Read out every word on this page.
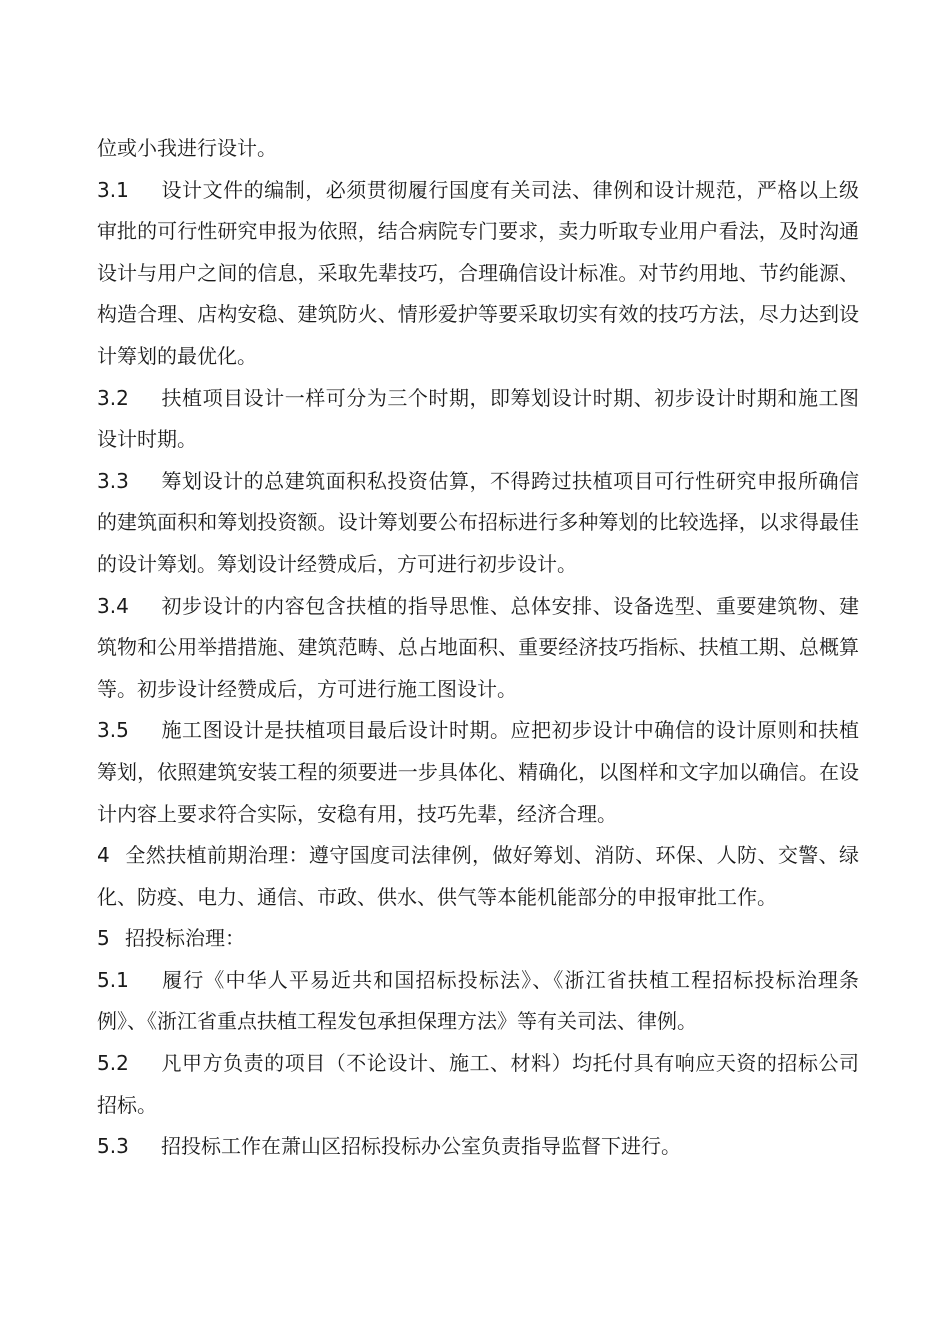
位或小我进行设计。

3.1 设计文件的编制，必须贯彻履行国度有关司法、律例和设计规范，严格以上级审批的可行性研究申报为依照，结合病院专门要求，卖力听取专业用户看法，及时沟通设计与用户之间的信息，采取先辈技巧，合理确信设计标准。对节约用地、节约能源、构造合理、店构安稳、建筑防火、情形爱护等要采取切实有效的技巧方法，尽力达到设计筹划的最优化。

3.2 扶植项目设计一样可分为三个时期，即筹划设计时期、初步设计时期和施工图设计时期。

3.3 筹划设计的总建筑面积私投资估算，不得跨过扶植项目可行性研究申报所确信的建筑面积和筹划投资额。设计筹划要公布招标进行多种筹划的比较选择，以求得最佳的设计筹划。筹划设计经赞成后，方可进行初步设计。

3.4 初步设计的内容包含扶植的指导思惟、总体安排、设备选型、重要建筑物、建筑物和公用举措措施、建筑范畴、总占地面积、重要经济技巧指标、扶植工期、总概算等。初步设计经赞成后，方可进行施工图设计。

3.5 施工图设计是扶植项目最后设计时期。应把初步设计中确信的设计原则和扶植筹划，依照建筑安装工程的须要进一步具体化、精确化，以图样和文字加以确信。在设计内容上要求符合实际，安稳有用，技巧先辈，经济合理。

4 全然扶植前期治理：遵守国度司法律例，做好筹划、消防、环保、人防、交警、绿化、防疫、电力、通信、市政、供水、供气等本能机能部分的申报审批工作。

5 招投标治理：

5.1 履行《中华人平易近共和国招标投标法》、《浙江省扶植工程招标投标治理条例》、《浙江省重点扶植工程发包承担保理方法》等有关司法、律例。

5.2 凡甲方负责的项目（不论设计、施工、材料）均托付具有响应天资的招标公司招标。

5.3 招投标工作在萧山区招标投标办公室负责指导监督下进行。
